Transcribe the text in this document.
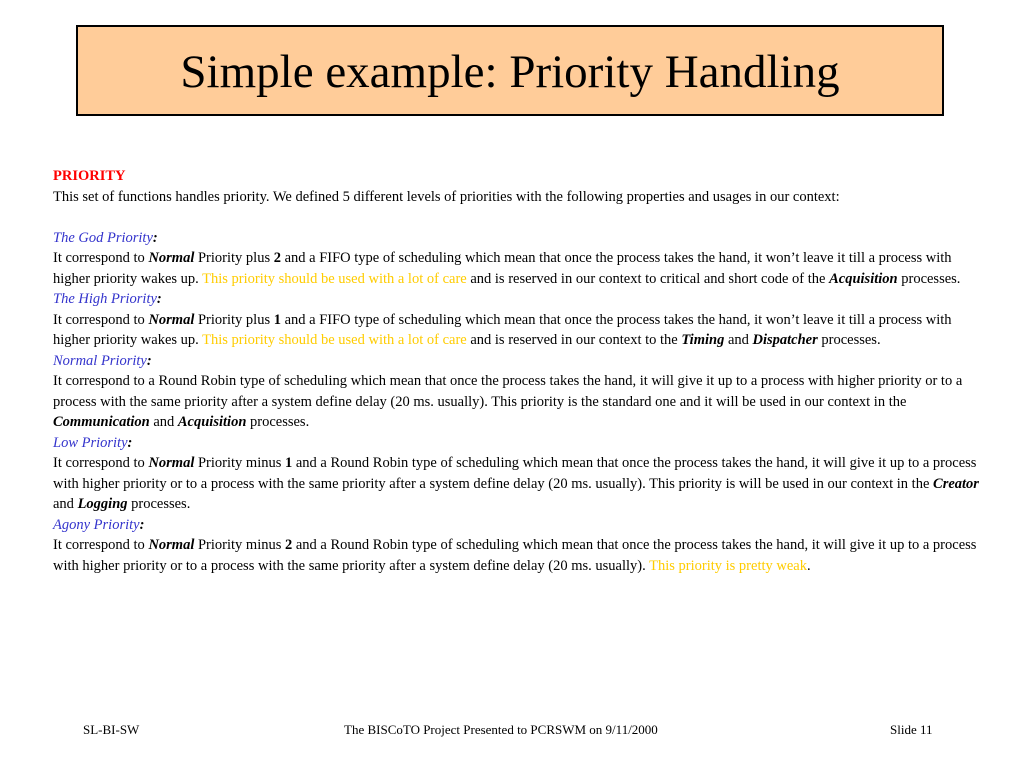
Simple example: Priority Handling

PRIORITY

This set of functions handles priority. We defined 5 different levels of priorities with the following properties and usages in our context:

The God Priority:

It correspond to Normal Priority plus 2 and a FIFO type of scheduling which mean that once the process takes the hand, it won’t leave it till a process with higher priority wakes up. This priority should be used with a lot of care and is reserved in our context to critical and short code of the Acquisition processes.

The High Priority:

It correspond to Normal Priority plus 1 and a FIFO type of scheduling which mean that once the process takes the hand, it won’t leave it till a process with higher priority wakes up. This priority should be used with a lot of care and is reserved in our context to the Timing and Dispatcher processes.

Normal Priority:

It correspond to a Round Robin type of scheduling which mean that once the process takes the hand, it will give it up to a process with higher priority or to a process with the same priority after a system define delay (20 ms. usually). This priority is the standard one and it will be used in our context in the Communication and Acquisition processes.

Low Priority:

It correspond to Normal Priority minus 1 and a Round Robin type of scheduling which mean that once the process takes the hand, it will give it up to a process with higher priority or to a process with the same priority after a system define delay (20 ms. usually). This priority is will be used in our context in the Creator and Logging processes.

Agony Priority:

It correspond to Normal Priority minus 2 and a Round Robin type of scheduling which mean that once the process takes the hand, it will give it up to a process with higher priority or to a process with the same priority after a system define delay (20 ms. usually). This priority is pretty weak.

SL-BI-SW	The BISCoTO Project Presented to PCRSWM on 9/11/2000	Slide 11
